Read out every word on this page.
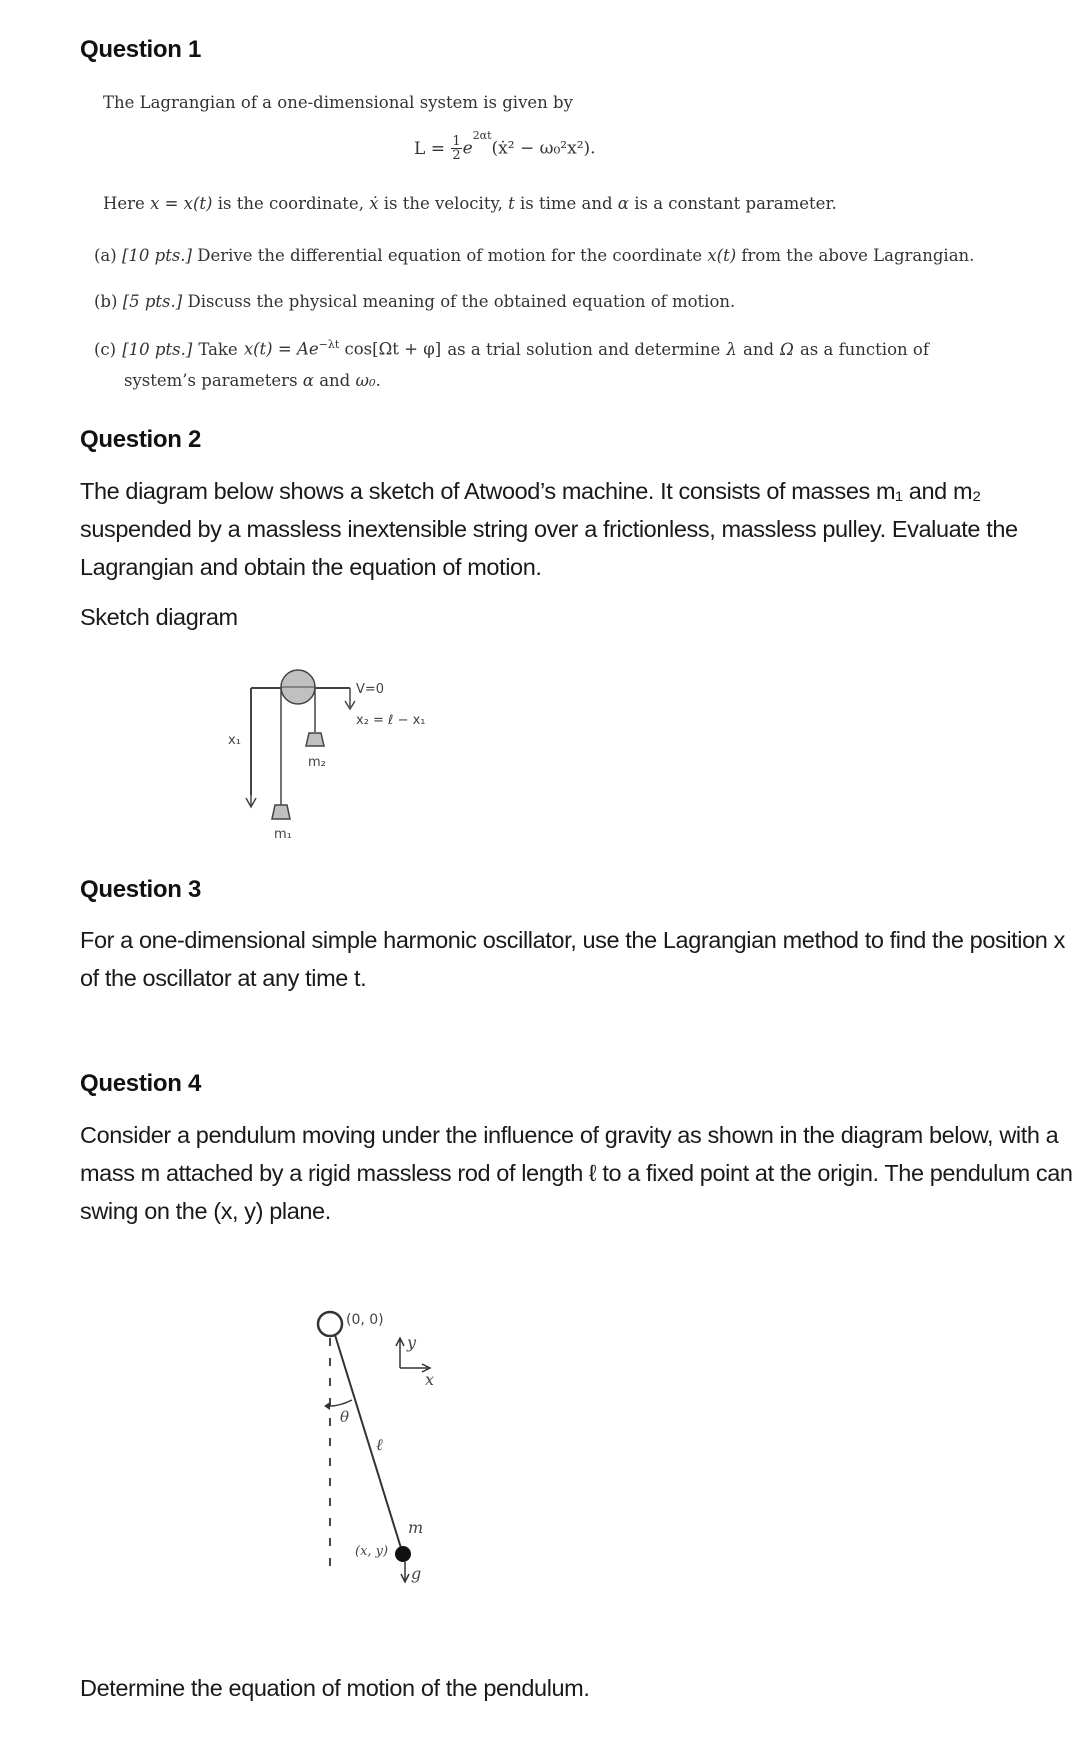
Question 1
The Lagrangian of a one-dimensional system is given by
$L = \frac{1}{2}$ $e^{2\alpha t}(ẋ^2 - \omega_0^2x^2)$.
Here x = x(t) is the coordinate, ẋ is the velocity, t is time and α is a constant parameter.
(a) [10 pts.] Derive the differential equation of motion for the coordinate x(t) from the above Lagrangian.
(b) [5 pts.] Discuss the physical meaning of the obtained equation of motion.
(c) [10 pts.] Take $x(t) = Ae^{-\lambda t}$ cos[Ωt + φ] as a trial solution and determine λ and Ω as a function of
system’s parameters α and ω₀.
Question 2
The diagram below shows a sketch of Atwood’s machine. It consists of masses m₁ and m₂
suspended by a massless inextensible string over a frictionless, massless pulley. Evaluate the
Lagrangian and obtain the equation of motion.
Sketch diagram
V=0
x₂ = ℓ − x₁
x₁
m₂
m₁
Question 3
For a one-dimensional simple harmonic oscillator, use the Lagrangian method to find the position x
of the oscillator at any time t.
Question 4
Consider a pendulum moving under the influence of gravity as shown in the diagram below, with a
mass m attached by a rigid massless rod of length ℓ to a fixed point at the origin. The pendulum can
swing on the (x, y) plane.
(0, 0)
y
x
θ
ℓ
m
(x, y)
g
Determine the equation of motion of the pendulum.
